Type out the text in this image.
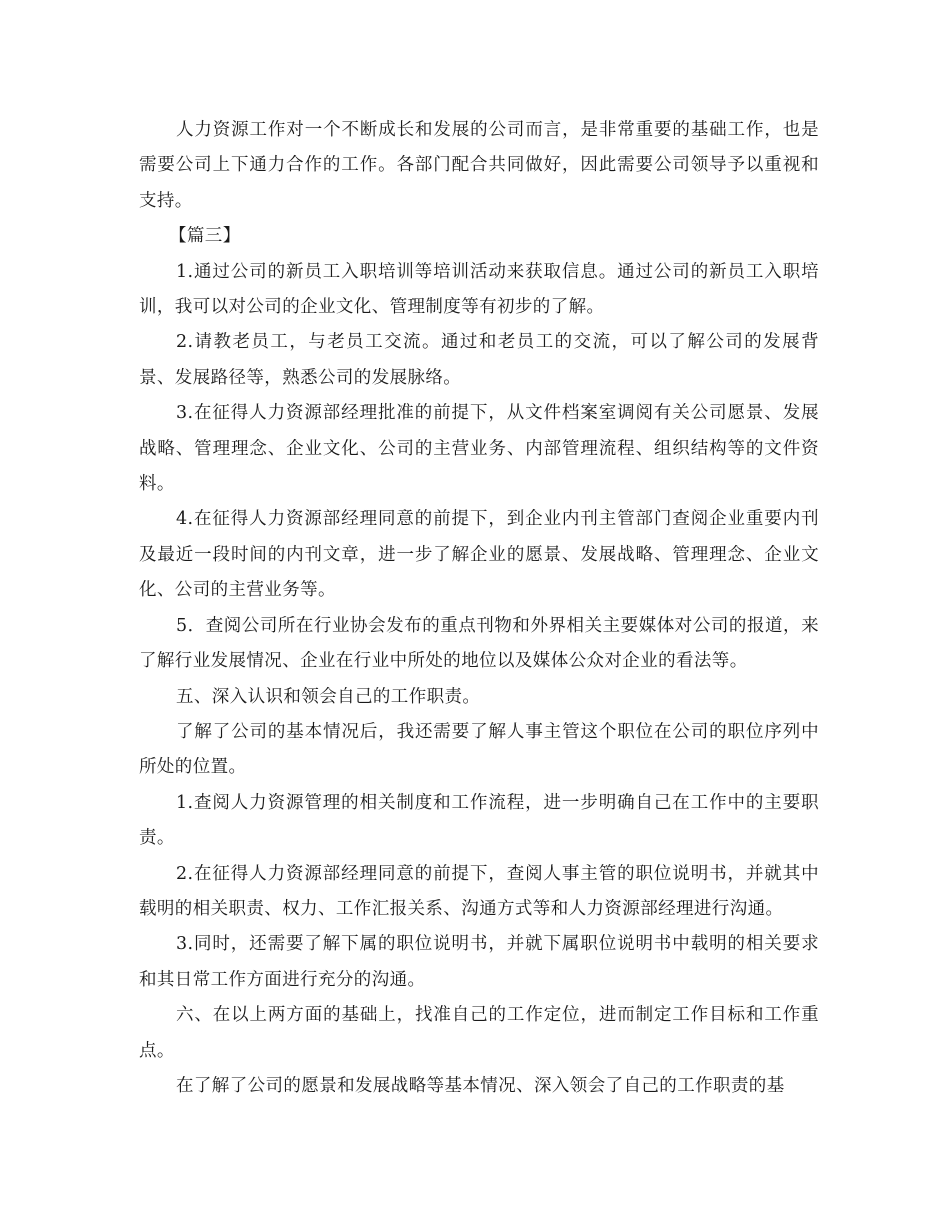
人力资源工作对一个不断成长和发展的公司而言，是非常重要的基础工作，也是需要公司上下通力合作的工作。各部门配合共同做好，因此需要公司领导予以重视和支持。

【篇三】

1.通过公司的新员工入职培训等培训活动来获取信息。通过公司的新员工入职培训，我可以对公司的企业文化、管理制度等有初步的了解。

2.请教老员工，与老员工交流。通过和老员工的交流，可以了解公司的发展背景、发展路径等，熟悉公司的发展脉络。

3.在征得人力资源部经理批准的前提下，从文件档案室调阅有关公司愿景、发展战略、管理理念、企业文化、公司的主营业务、内部管理流程、组织结构等的文件资料。

4.在征得人力资源部经理同意的前提下，到企业内刊主管部门查阅企业重要内刊及最近一段时间的内刊文章，进一步了解企业的愿景、发展战略、管理理念、企业文化、公司的主营业务等。

5．查阅公司所在行业协会发布的重点刊物和外界相关主要媒体对公司的报道，来了解行业发展情况、企业在行业中所处的地位以及媒体公众对企业的看法等。

五、深入认识和领会自己的工作职责。

了解了公司的基本情况后，我还需要了解人事主管这个职位在公司的职位序列中所处的位置。

1.查阅人力资源管理的相关制度和工作流程，进一步明确自己在工作中的主要职责。

2.在征得人力资源部经理同意的前提下，查阅人事主管的职位说明书，并就其中载明的相关职责、权力、工作汇报关系、沟通方式等和人力资源部经理进行沟通。

3.同时，还需要了解下属的职位说明书，并就下属职位说明书中载明的相关要求和其日常工作方面进行充分的沟通。

六、在以上两方面的基础上，找准自己的工作定位，进而制定工作目标和工作重点。

在了解了公司的愿景和发展战略等基本情况、深入领会了自己的工作职责的基
